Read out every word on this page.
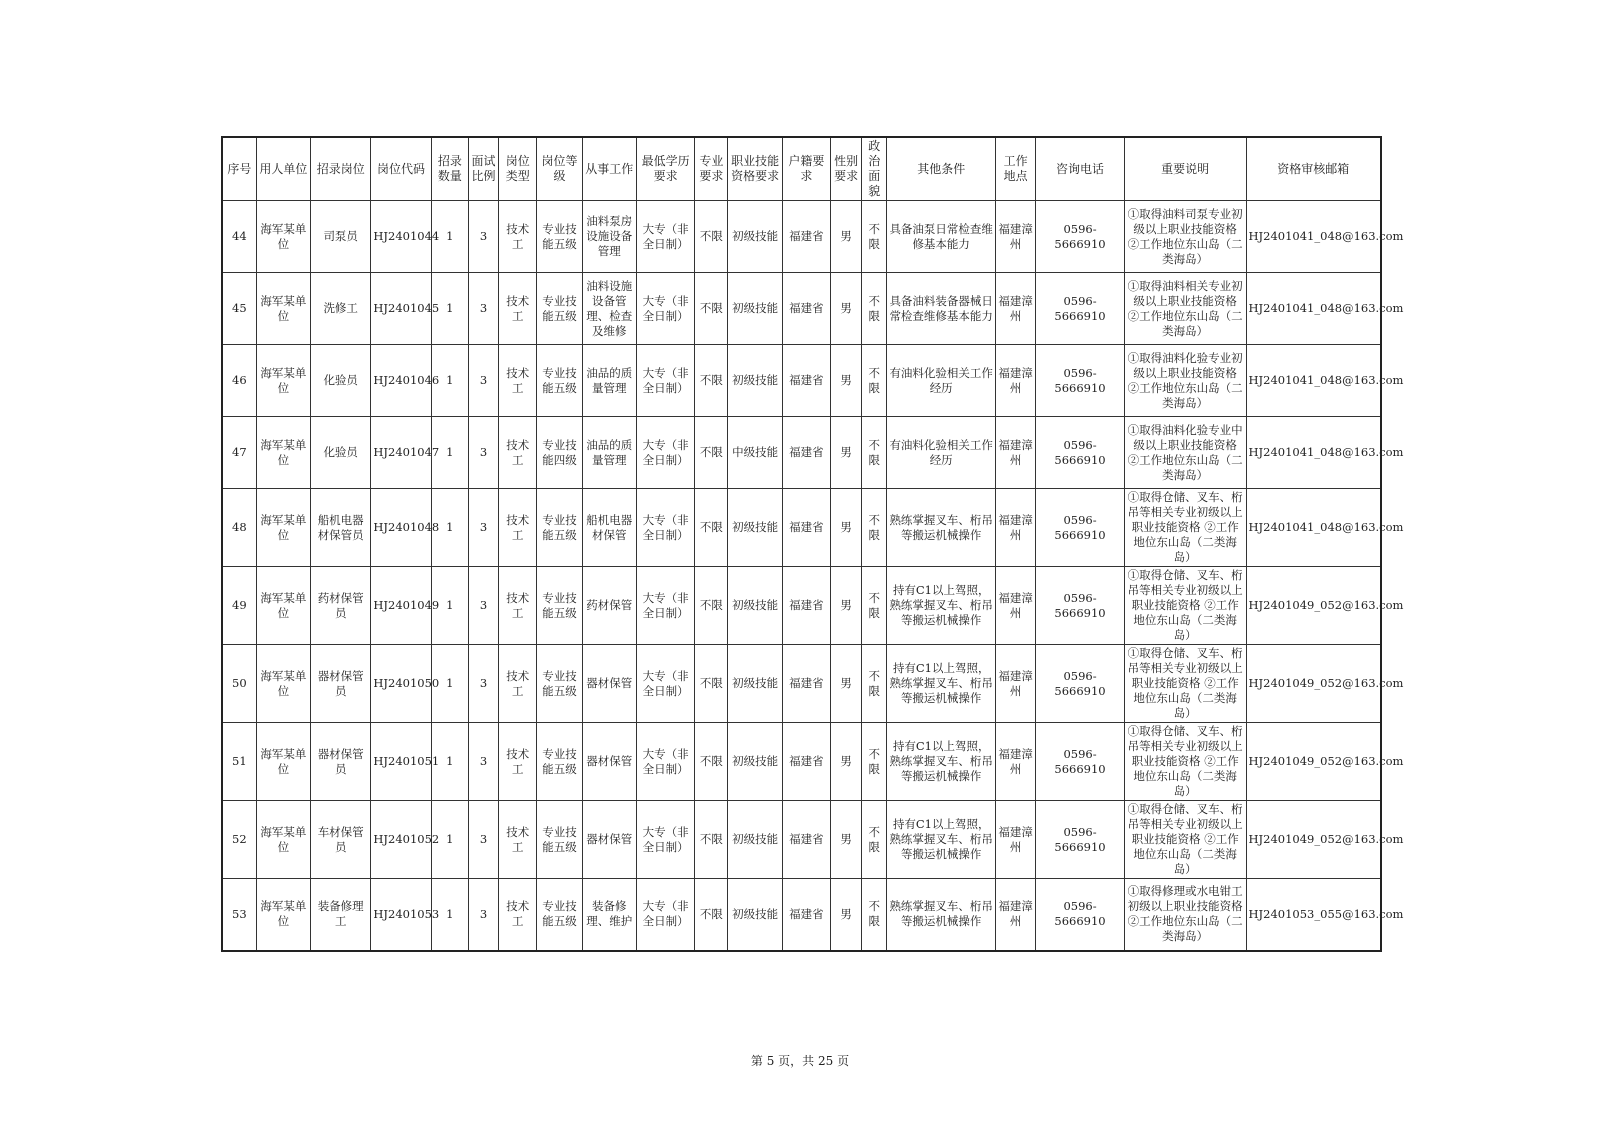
序号	用人单位	招录岗位	岗位代码	招录数量	面试比例	岗位类型	岗位等级	从事工作	最低学历要求	专业要求	职业技能资格要求	户籍要求	性别要求	政治面貌	其他条件	工作地点	咨询电话	重要说明	资格审核邮箱
44	海军某单位	司泵员	HJ2401044	1	3	技术工	专业技能五级	油料泵房设施设备管理	大专（非全日制）	不限	初级技能	福建省	男	不限	具备油泵日常检查维修基本能力	福建漳州	0596-5666910	①取得油料司泵专业初级以上职业技能资格 ②工作地位东山岛（二类海岛）	HJ2401041_048@163.com
45	海军某单位	洗修工	HJ2401045	1	3	技术工	专业技能五级	油料设施设备管理、检查及维修	大专（非全日制）	不限	初级技能	福建省	男	不限	具备油料装备器械日常检查维修基本能力	福建漳州	0596-5666910	①取得油料相关专业初级以上职业技能资格 ②工作地位东山岛（二类海岛）	HJ2401041_048@163.com
46	海军某单位	化验员	HJ2401046	1	3	技术工	专业技能五级	油品的质量管理	大专（非全日制）	不限	初级技能	福建省	男	不限	有油料化验相关工作经历	福建漳州	0596-5666910	①取得油料化验专业初级以上职业技能资格 ②工作地位东山岛（二类海岛）	HJ2401041_048@163.com
47	海军某单位	化验员	HJ2401047	1	3	技术工	专业技能四级	油品的质量管理	大专（非全日制）	不限	中级技能	福建省	男	不限	有油料化验相关工作经历	福建漳州	0596-5666910	①取得油料化验专业中级以上职业技能资格 ②工作地位东山岛（二类海岛）	HJ2401041_048@163.com
48	海军某单位	船机电器材保管员	HJ2401048	1	3	技术工	专业技能五级	船机电器材保管	大专（非全日制）	不限	初级技能	福建省	男	不限	熟练掌握叉车、桁吊等搬运机械操作	福建漳州	0596-5666910	①取得仓储、叉车、桁吊等相关专业初级以上职业技能资格 ②工作地位东山岛（二类海岛）	HJ2401041_048@163.com
49	海军某单位	药材保管员	HJ2401049	1	3	技术工	专业技能五级	药材保管	大专（非全日制）	不限	初级技能	福建省	男	不限	持有C1以上驾照，熟练掌握叉车、桁吊等搬运机械操作	福建漳州	0596-5666910	①取得仓储、叉车、桁吊等相关专业初级以上职业技能资格 ②工作地位东山岛（二类海岛）	HJ2401049_052@163.com
50	海军某单位	器材保管员	HJ2401050	1	3	技术工	专业技能五级	器材保管	大专（非全日制）	不限	初级技能	福建省	男	不限	持有C1以上驾照，熟练掌握叉车、桁吊等搬运机械操作	福建漳州	0596-5666910	①取得仓储、叉车、桁吊等相关专业初级以上职业技能资格 ②工作地位东山岛（二类海岛）	HJ2401049_052@163.com
51	海军某单位	器材保管员	HJ2401051	1	3	技术工	专业技能五级	器材保管	大专（非全日制）	不限	初级技能	福建省	男	不限	持有C1以上驾照，熟练掌握叉车、桁吊等搬运机械操作	福建漳州	0596-5666910	①取得仓储、叉车、桁吊等相关专业初级以上职业技能资格 ②工作地位东山岛（二类海岛）	HJ2401049_052@163.com
52	海军某单位	车材保管员	HJ2401052	1	3	技术工	专业技能五级	器材保管	大专（非全日制）	不限	初级技能	福建省	男	不限	持有C1以上驾照，熟练掌握叉车、桁吊等搬运机械操作	福建漳州	0596-5666910	①取得仓储、叉车、桁吊等相关专业初级以上职业技能资格 ②工作地位东山岛（二类海岛）	HJ2401049_052@163.com
53	海军某单位	装备修理工	HJ2401053	1	3	技术工	专业技能五级	装备修理、维护	大专（非全日制）	不限	初级技能	福建省	男	不限	熟练掌握叉车、桁吊等搬运机械操作	福建漳州	0596-5666910	①取得修理或水电钳工初级以上职业技能资格 ②工作地位东山岛（二类海岛）	HJ2401053_055@163.com
第 5 页，共 25 页
